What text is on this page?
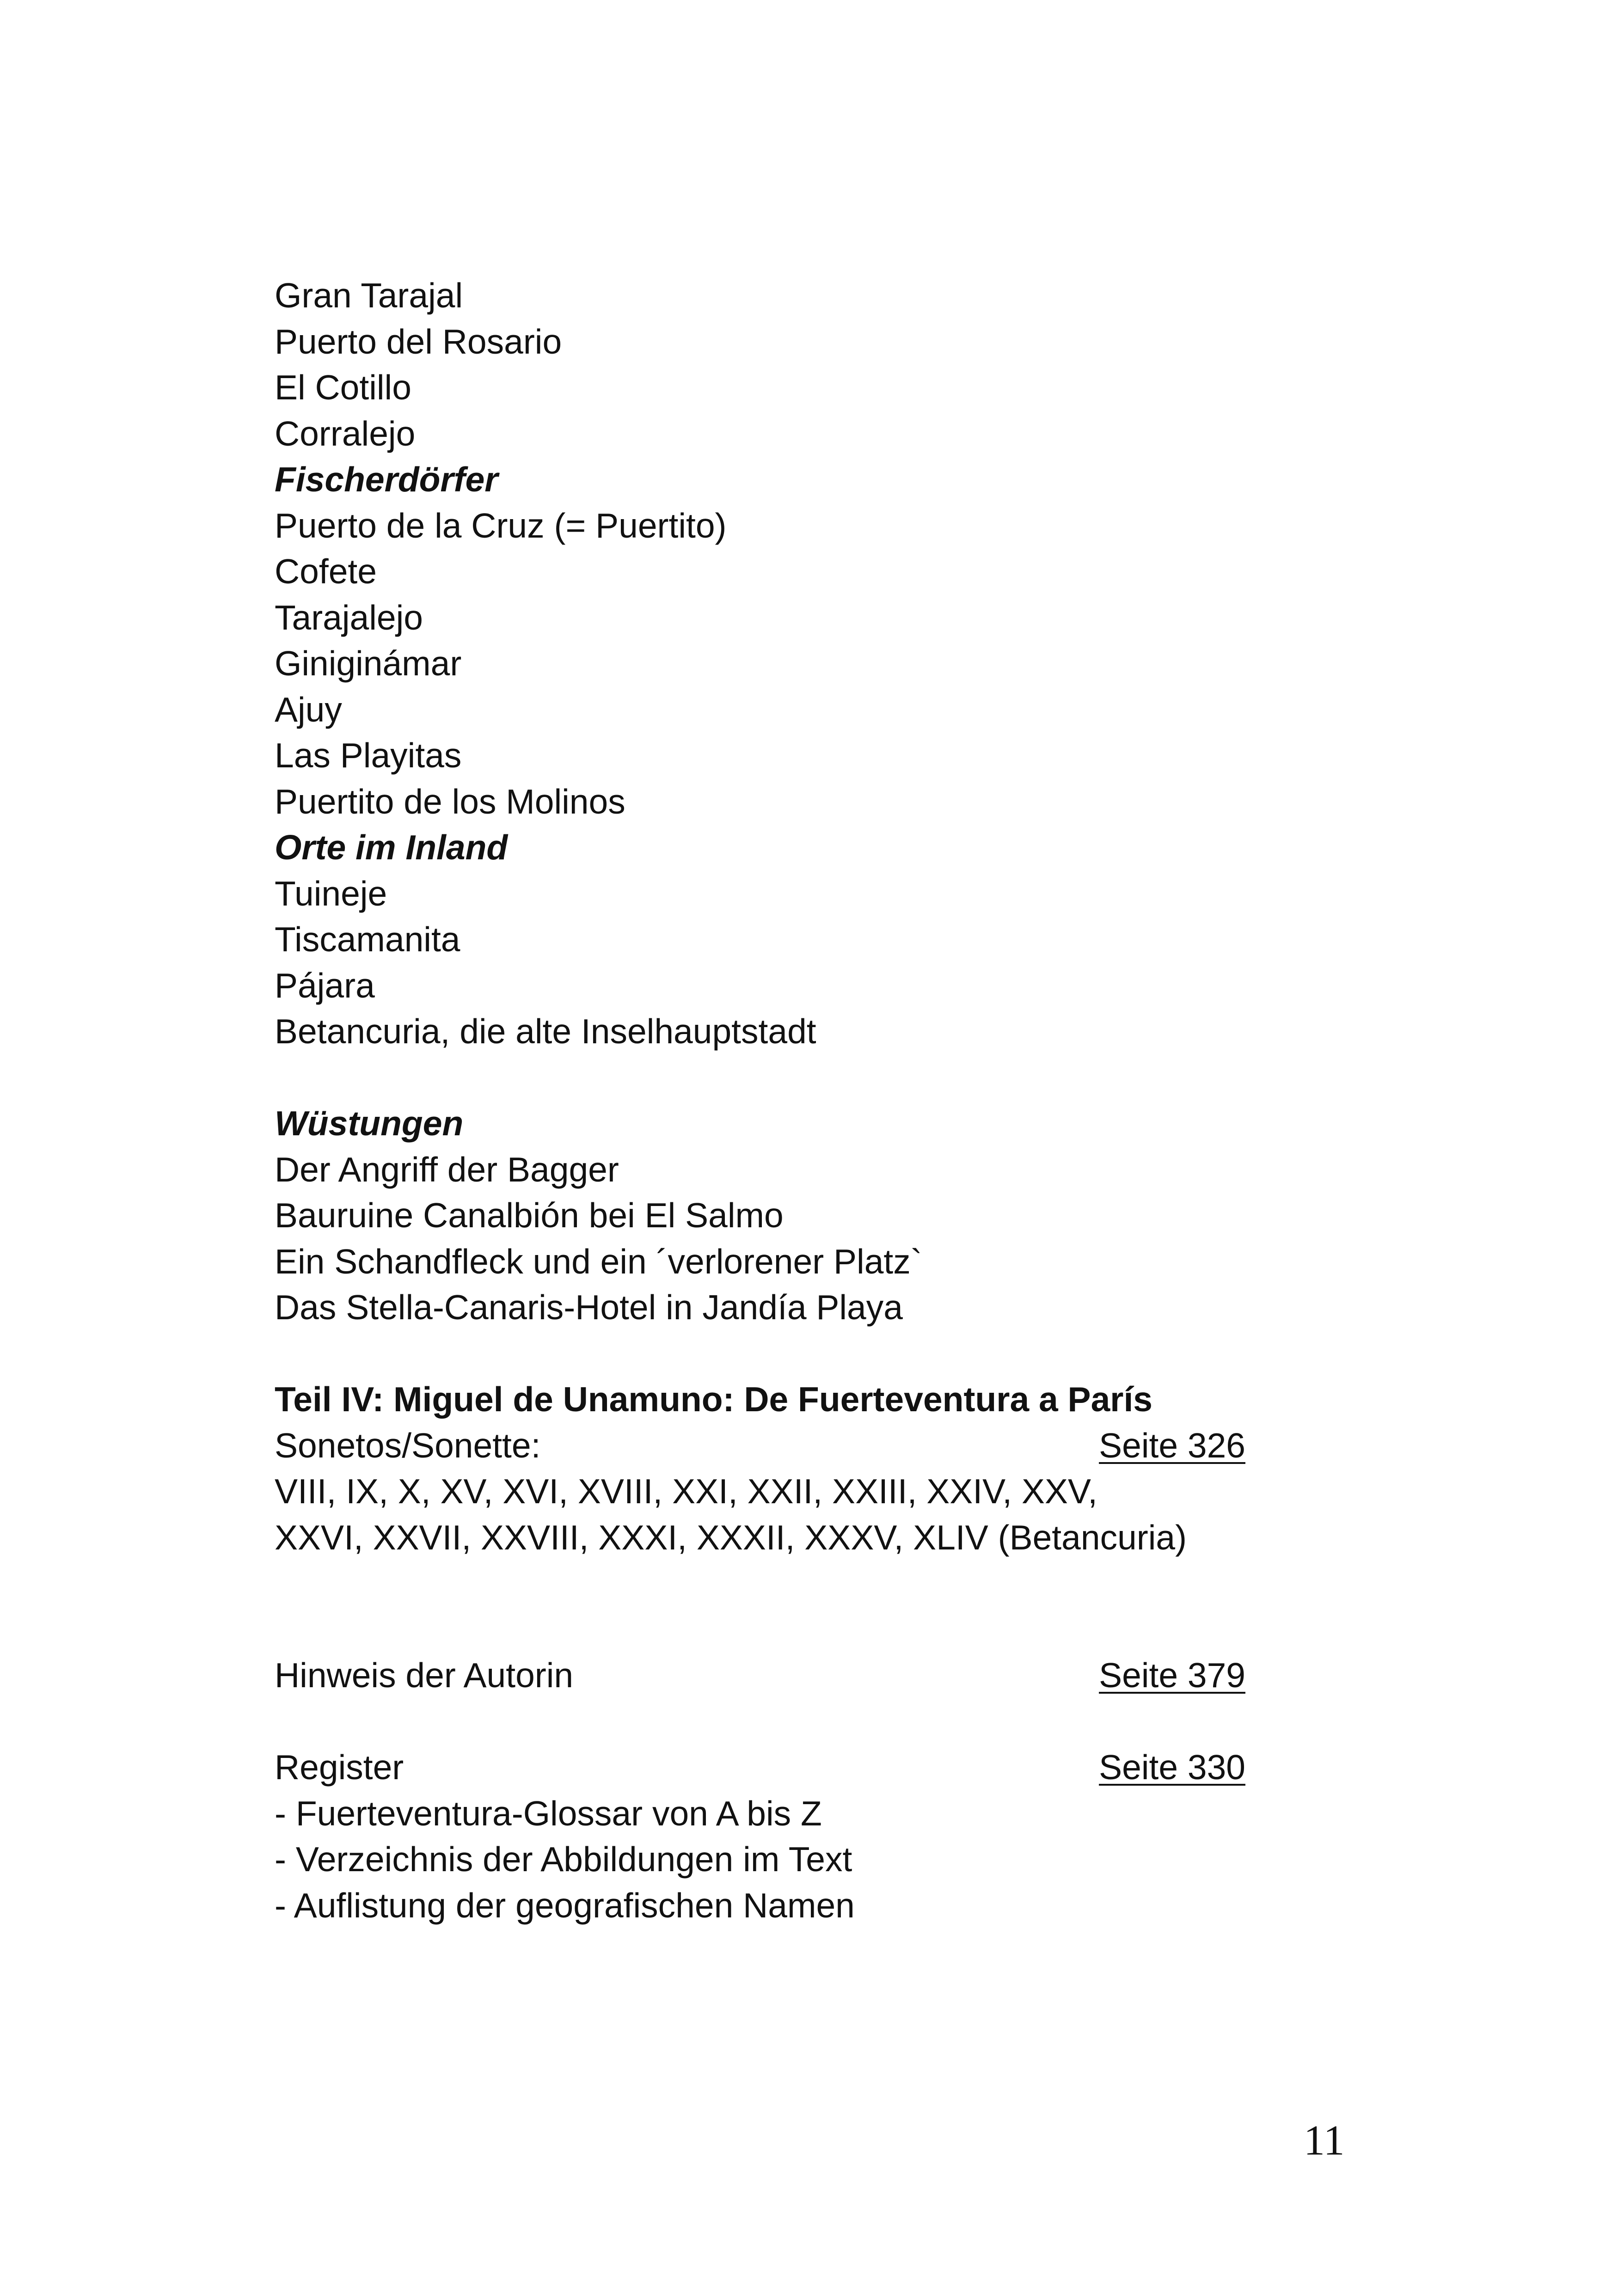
Gran Tarajal
Puerto del Rosario
El Cotillo
Corralejo
Fischerdörfer
Puerto de la Cruz (= Puertito)
Cofete
Tarajalejo
Giniginámar
Ajuy
Las Playitas
Puertito de los Molinos
Orte im Inland
Tuineje
Tiscamanita
Pájara
Betancuria, die alte Inselhauptstadt
Wüstungen
Der Angriff der Bagger
Bauruine Canalbión bei El Salmo
Ein Schandfleck und ein ´verlorener Platz`
Das Stella-Canaris-Hotel in Jandía Playa
Teil IV: Miguel de Unamuno: De Fuerteventura a París
Sonetos/Sonette:	Seite 326
VIII, IX, X, XV, XVI, XVIII, XXI, XXII, XXIII, XXIV, XXV,
XXVI, XXVII, XXVIII, XXXI, XXXII, XXXV, XLIV (Betancuria)
Hinweis der Autorin	Seite 379
Register	Seite 330
- Fuerteventura-Glossar von A bis Z
- Verzeichnis der Abbildungen im Text
- Auflistung der geografischen Namen
11
